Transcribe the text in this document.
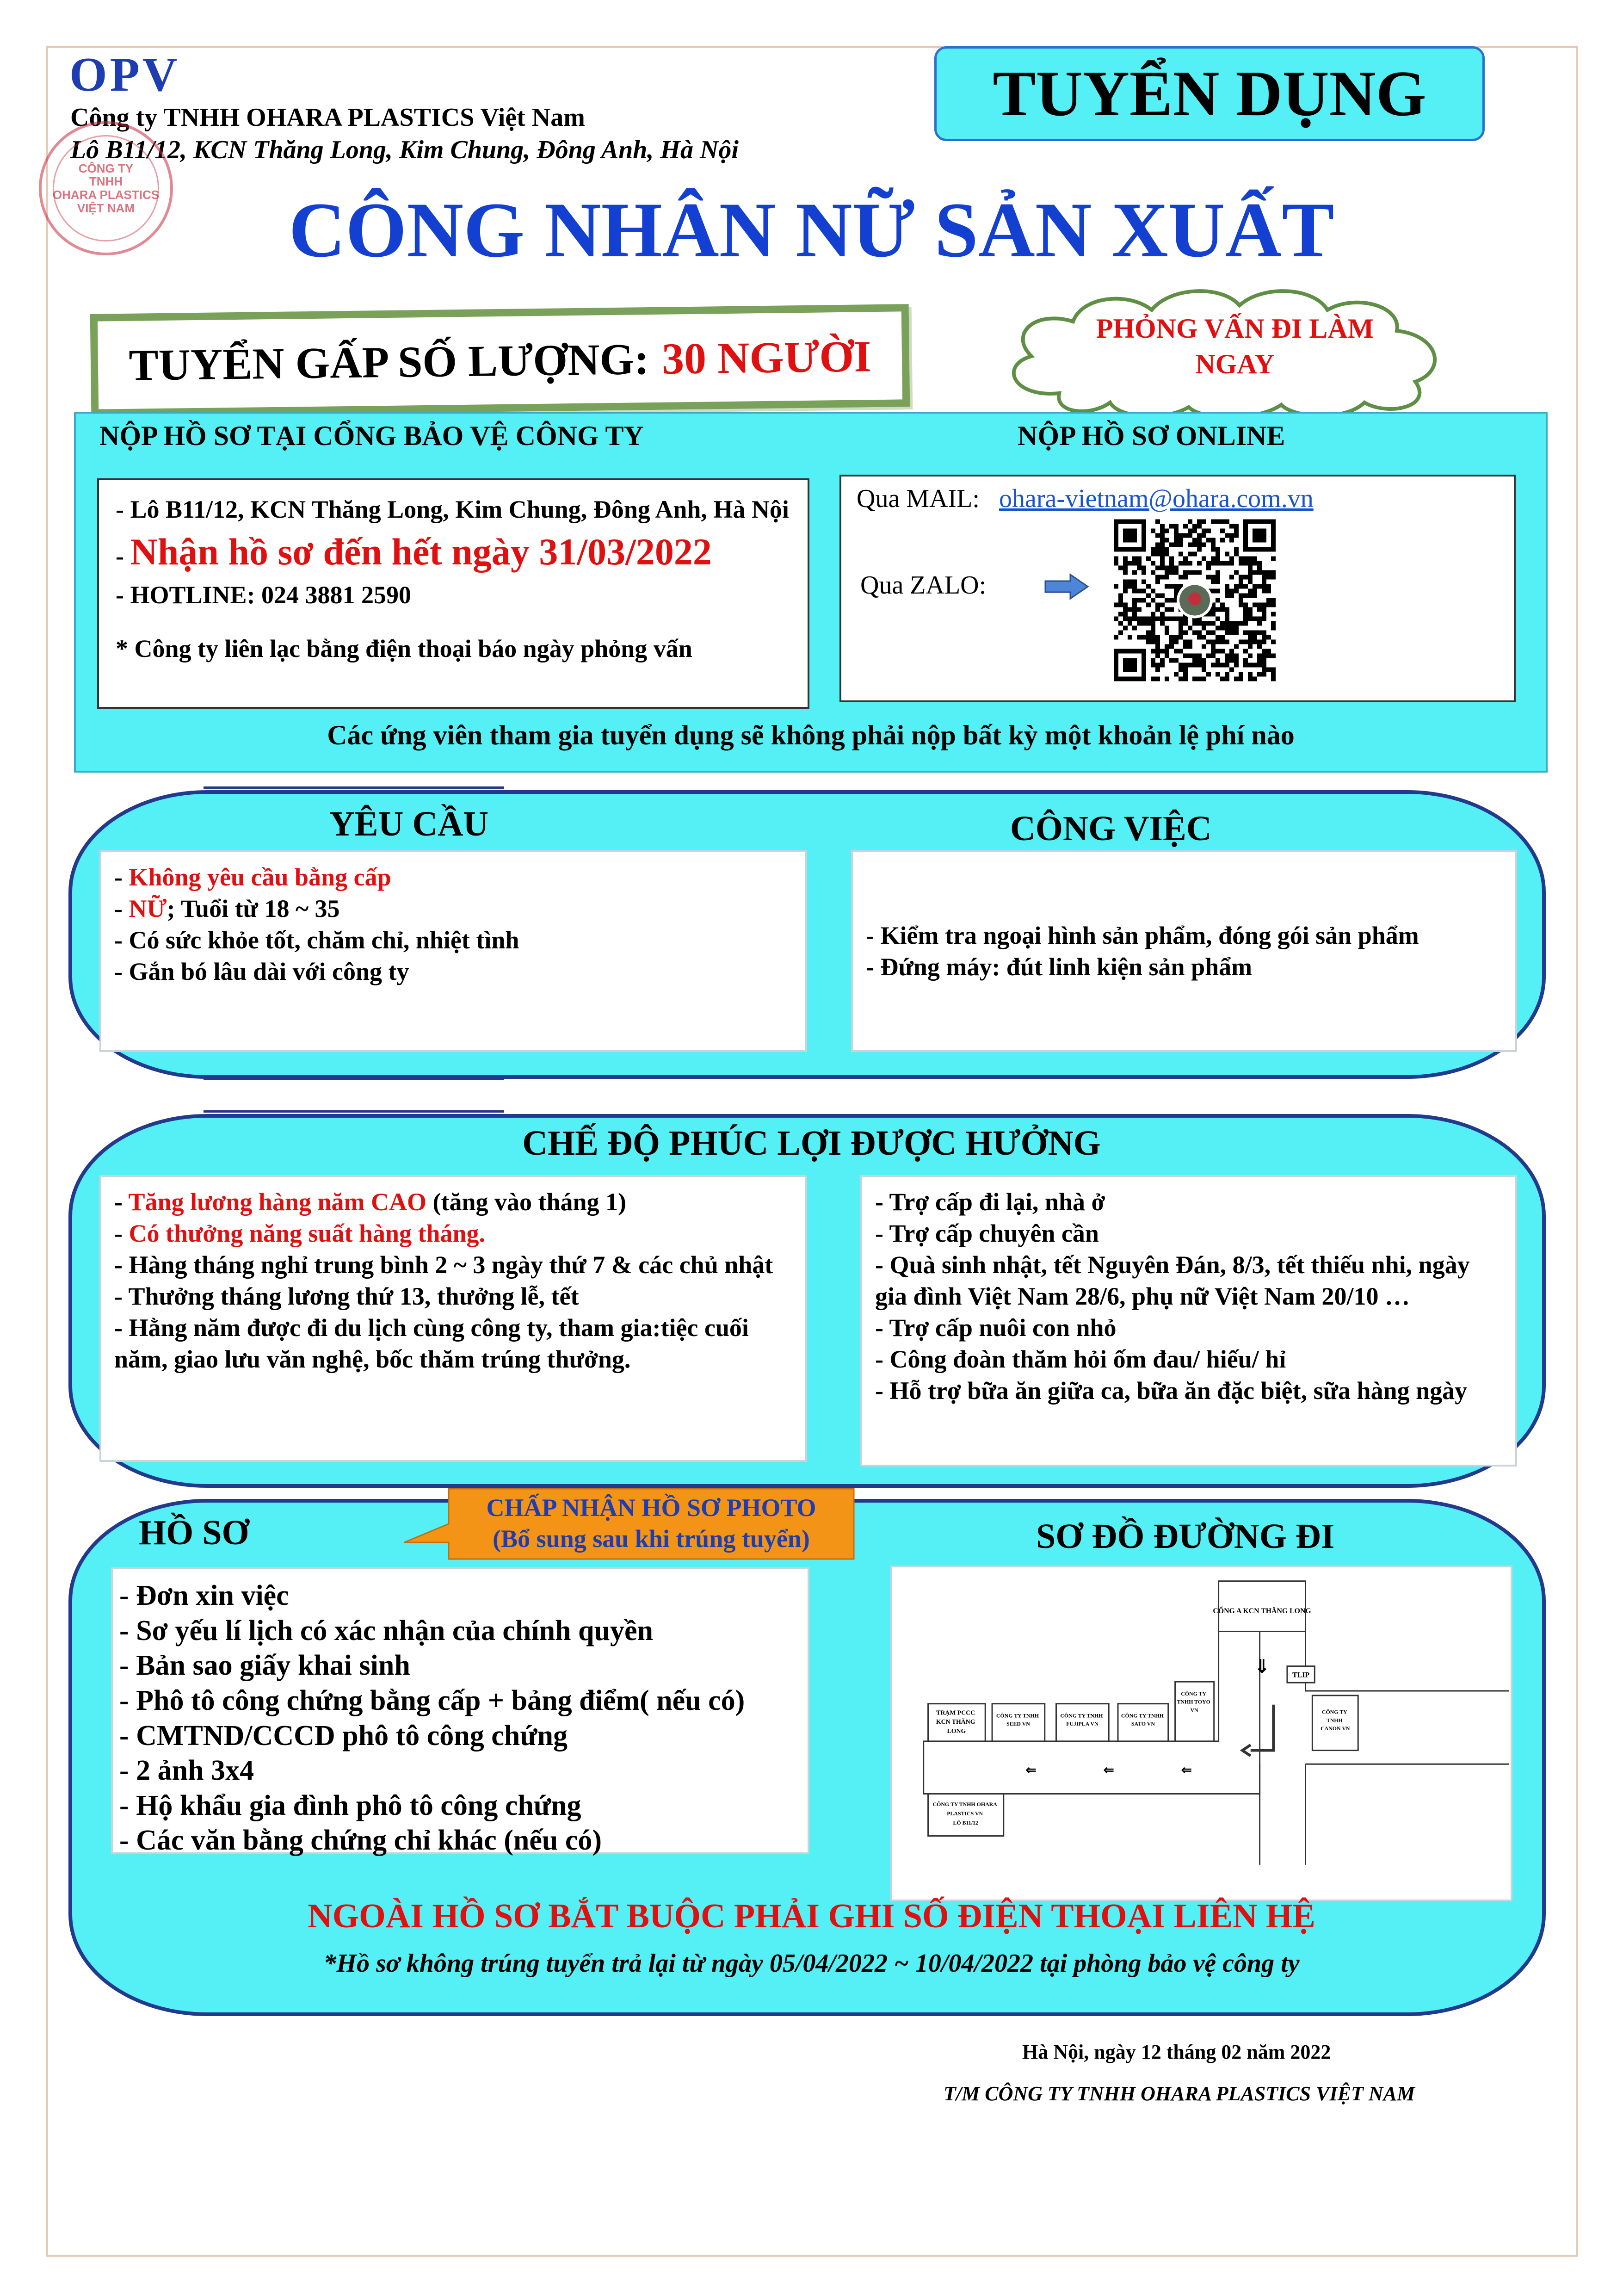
OPV
Công ty TNHH OHARA PLASTICS Việt Nam
Lô B11/12, KCN Thăng Long, Kim Chung, Đông Anh, Hà Nội
CÔNG TY
TNHH
OHARA PLASTICS
VIỆT NAM
TUYỂN DỤNG
CÔNG NHÂN NỮ SẢN XUẤT
TUYỂN GẤP SỐ LƯỢNG: 30 NGƯỜI
PHỎNG VẤN ĐI LÀM
NGAY
NỘP HỒ SƠ TẠI CỔNG BẢO VỆ CÔNG TY	NỘP HỒ SƠ ONLINE
- Lô B11/12, KCN Thăng Long, Kim Chung, Đông Anh, Hà Nội
- Nhận hồ sơ đến hết ngày 31/03/2022
- HOTLINE: 024 3881 2590
* Công ty liên lạc bằng điện thoại báo ngày phỏng vấn
Qua MAIL: ohara-vietnam@ohara.com.vn
Qua ZALO:
Các ứng viên tham gia tuyển dụng sẽ không phải nộp bất kỳ một khoản lệ phí nào
YÊU CẦU	CÔNG VIỆC
- Không yêu cầu bằng cấp
- NỮ; Tuổi từ 18 ~ 35
- Có sức khỏe tốt, chăm chỉ, nhiệt tình
- Gắn bó lâu dài với công ty
- Kiểm tra ngoại hình sản phẩm, đóng gói sản phẩm
- Đứng máy: đút linh kiện sản phẩm
CHẾ ĐỘ PHÚC LỢI ĐƯỢC HƯỞNG
- Tăng lương hàng năm CAO (tăng vào tháng 1)
- Có thưởng năng suất hàng tháng.
- Hàng tháng nghỉ trung bình 2 ~ 3 ngày thứ 7 & các chủ nhật
- Thưởng tháng lương thứ 13, thưởng lễ, tết
- Hằng năm được đi du lịch cùng công ty, tham gia:tiệc cuối năm, giao lưu văn nghệ, bốc thăm trúng thưởng.
- Trợ cấp đi lại, nhà ở
- Trợ cấp chuyên cần
- Quà sinh nhật, tết Nguyên Đán, 8/3, tết thiếu nhi, ngày gia đình Việt Nam 28/6, phụ nữ Việt Nam 20/10 …
- Trợ cấp nuôi con nhỏ
- Công đoàn thăm hỏi ốm đau/ hiếu/ hỉ
- Hỗ trợ bữa ăn giữa ca, bữa ăn đặc biệt, sữa hàng ngày
HỒ SƠ	SƠ ĐỒ ĐƯỜNG ĐI
CHẤP NHẬN HỒ SƠ PHOTO
(Bổ sung sau khi trúng tuyển)
- Đơn xin việc
- Sơ yếu lí lịch có xác nhận của chính quyền
- Bản sao giấy khai sinh
- Phô tô công chứng bằng cấp + bảng điểm( nếu có)
- CMTND/CCCD phô tô công chứng
- 2 ảnh 3x4
- Hộ khẩu gia đình phô tô công chứng
- Các văn bằng chứng chỉ khác (nếu có)
CỔNG A KCN THĂNG LONG
TLIP
⇓
TRẠM PCCC KCN THĂNG LONG
CÔNG TY TNHH SEED VN
CÔNG TY TNHH FUJIPLA VN
CÔNG TY TNHH SATO VN
CÔNG TY TNHH TOYO VN	CÔNG TY TNHH CANON VN
⇐	⇐	⇐
CÔNG TY TNHH OHARA PLASTICS VN LÔ B11/12
NGOÀI HỒ SƠ BẮT BUỘC PHẢI GHI SỐ ĐIỆN THOẠI LIÊN HỆ
*Hồ sơ không trúng tuyển trả lại từ ngày 05/04/2022 ~ 10/04/2022 tại phòng bảo vệ công ty
Hà Nội, ngày 12 tháng 02 năm 2022
T/M CÔNG TY TNHH OHARA PLASTICS VIỆT NAM
